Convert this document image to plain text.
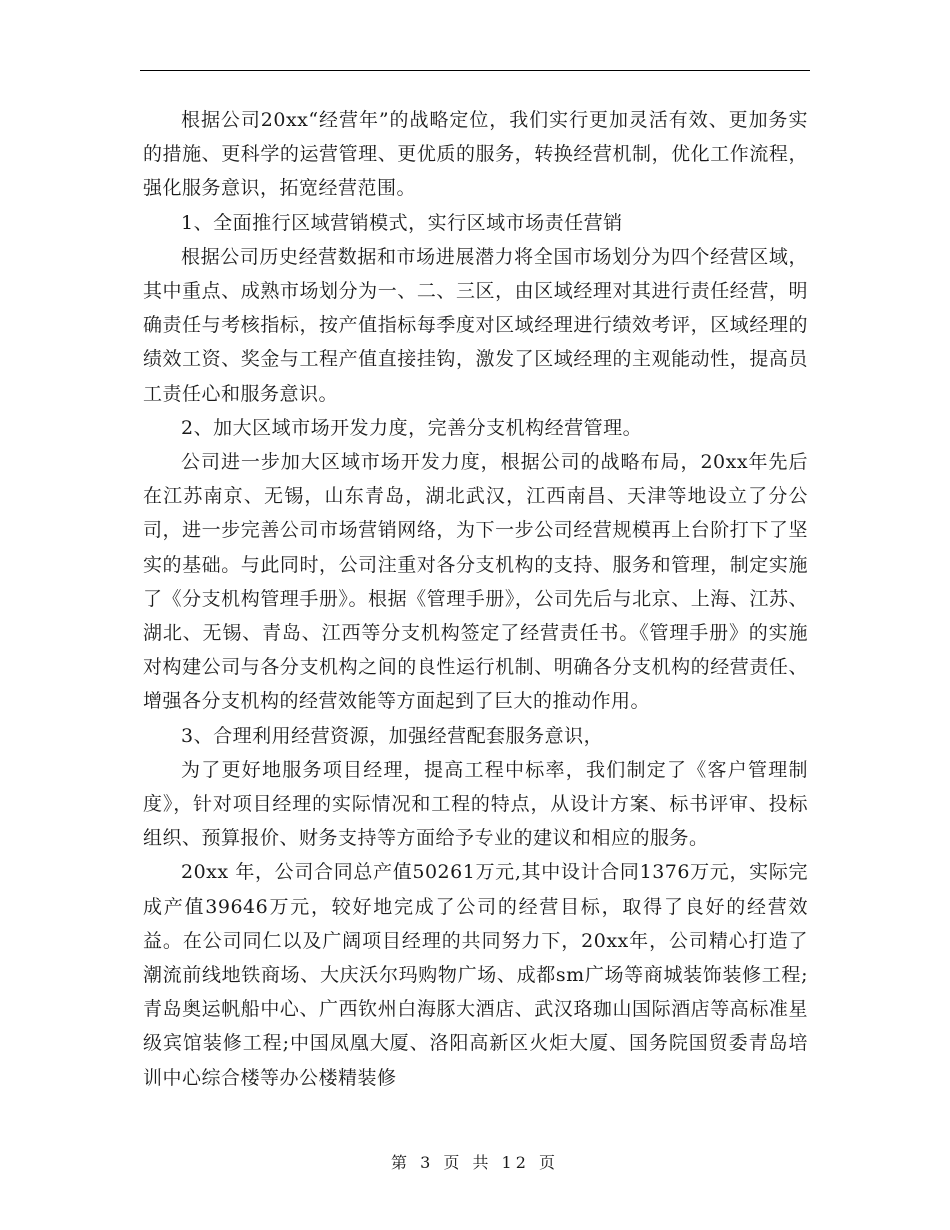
根据公司20xx“经营年”的战略定位，我们实行更加灵活有效、更加务实的措施、更科学的运营管理、更优质的服务，转换经营机制，优化工作流程，强化服务意识，拓宽经营范围。

1、全面推行区域营销模式，实行区域市场责任营销

根据公司历史经营数据和市场进展潜力将全国市场划分为四个经营区域，其中重点、成熟市场划分为一、二、三区，由区域经理对其进行责任经营，明确责任与考核指标，按产值指标每季度对区域经理进行绩效考评，区域经理的绩效工资、奖金与工程产值直接挂钩，激发了区域经理的主观能动性，提高员工责任心和服务意识。

2、加大区域市场开发力度，完善分支机构经营管理。

公司进一步加大区域市场开发力度，根据公司的战略布局，20xx年先后在江苏南京、无锡，山东青岛，湖北武汉，江西南昌、天津等地设立了分公司，进一步完善公司市场营销网络，为下一步公司经营规模再上台阶打下了坚实的基础。与此同时，公司注重对各分支机构的支持、服务和管理，制定实施了《分支机构管理手册》。根据《管理手册》，公司先后与北京、上海、江苏、湖北、无锡、青岛、江西等分支机构签定了经营责任书。《管理手册》的实施对构建公司与各分支机构之间的良性运行机制、明确各分支机构的经营责任、增强各分支机构的经营效能等方面起到了巨大的推动作用。

3、合理利用经营资源，加强经营配套服务意识，

为了更好地服务项目经理，提高工程中标率，我们制定了《客户管理制度》，针对项目经理的实际情况和工程的特点，从设计方案、标书评审、投标组织、预算报价、财务支持等方面给予专业的建议和相应的服务。

20xx 年，公司合同总产值50261万元,其中设计合同1376万元，实际完成产值39646万元，较好地完成了公司的经营目标，取得了良好的经营效益。在公司同仁以及广阔项目经理的共同努力下，20xx年，公司精心打造了潮流前线地铁商场、大庆沃尔玛购物广场、成都sm广场等商城装饰装修工程;青岛奥运帆船中心、广西钦州白海豚大酒店、武汉珞珈山国际酒店等高标准星级宾馆装修工程;中国凤凰大厦、洛阳高新区火炬大厦、国务院国贸委青岛培训中心综合楼等办公楼精装修

第 3 页 共 12 页
